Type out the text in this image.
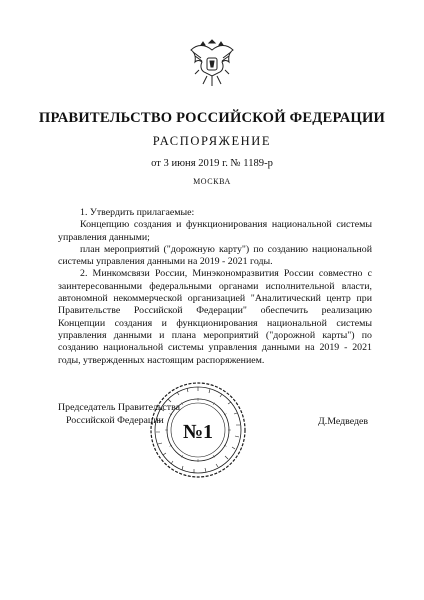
ПРАВИТЕЛЬСТВО РОССИЙСКОЙ ФЕДЕРАЦИИ
РАСПОРЯЖЕНИЕ
от 3 июня 2019 г. № 1189-р
МОСКВА

1. Утвердить прилагаемые:

Концепцию создания и функционирования национальной системы управления данными;

план мероприятий ("дорожную карту") по созданию национальной системы управления данными на 2019 - 2021 годы.

2. Минкомсвязи России, Минэкономразвития России совместно с заинтересованными федеральными органами исполнительной власти, автономной некоммерческой организацией "Аналитический центр при Правительстве Российской Федерации" обеспечить реализацию Концепции создания и функционирования национальной системы управления данными и плана мероприятий ("дорожной карты") по созданию национальной системы управления данными на 2019 - 2021 годы, утвержденных настоящим распоряжением.

Председатель Правительства
Российской Федерации	Д.Медведев
№1
